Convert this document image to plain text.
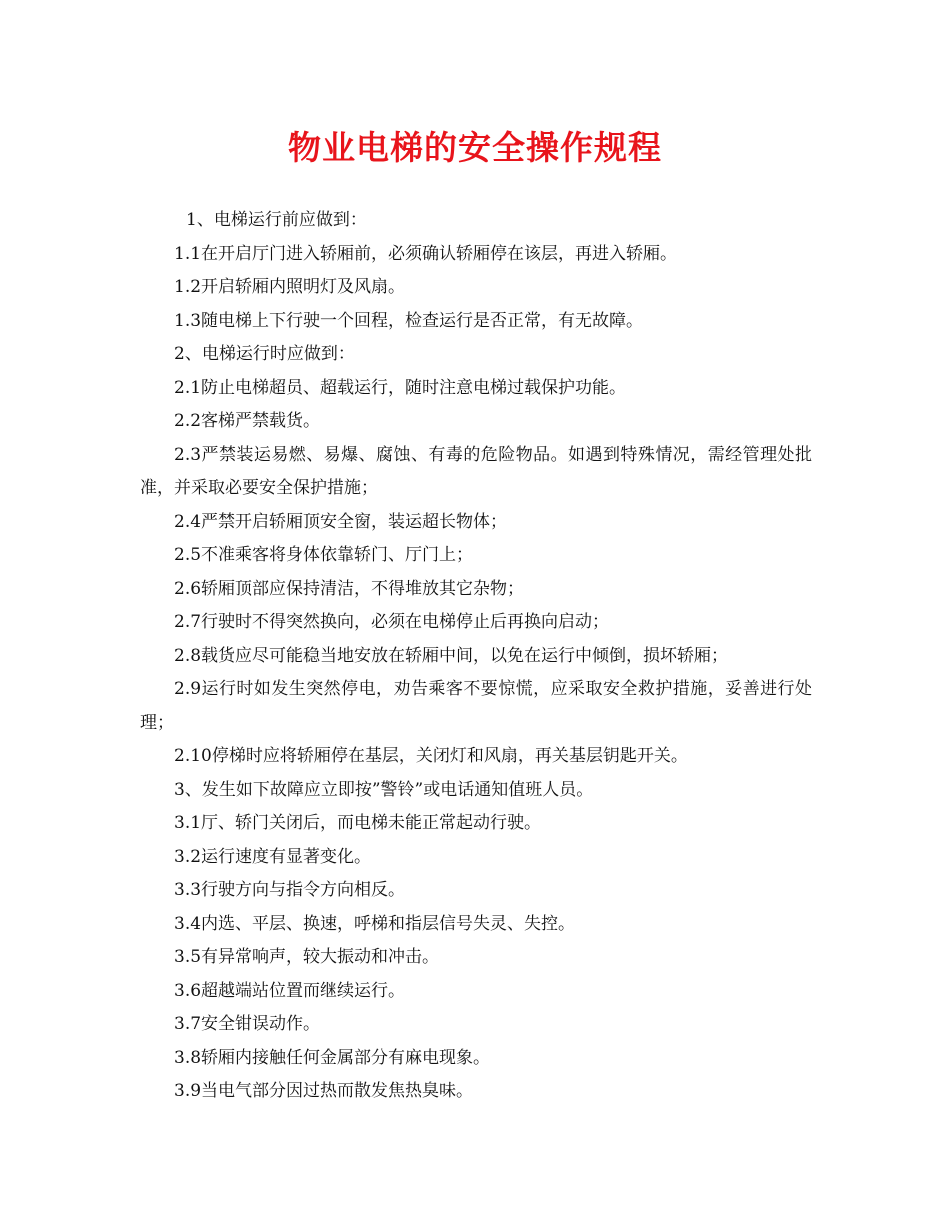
物业电梯的安全操作规程

1、电梯运行前应做到：

1.1在开启厅门进入轿厢前，必须确认轿厢停在该层，再进入轿厢。

1.2开启轿厢内照明灯及风扇。

1.3随电梯上下行驶一个回程，检查运行是否正常，有无故障。

2、电梯运行时应做到：

2.1防止电梯超员、超载运行，随时注意电梯过载保护功能。

2.2客梯严禁载货。

2.3严禁装运易燃、易爆、腐蚀、有毒的危险物品。如遇到特殊情况，需经管理处批准，并采取必要安全保护措施；

2.4严禁开启轿厢顶安全窗，装运超长物体；

2.5不准乘客将身体依靠轿门、厅门上；

2.6轿厢顶部应保持清洁，不得堆放其它杂物；

2.7行驶时不得突然换向，必须在电梯停止后再换向启动；

2.8载货应尽可能稳当地安放在轿厢中间，以免在运行中倾倒，损坏轿厢；

2.9运行时如发生突然停电，劝告乘客不要惊慌，应采取安全救护措施，妥善进行处理；

2.10停梯时应将轿厢停在基层，关闭灯和风扇，再关基层钥匙开关。

3、发生如下故障应立即按”警铃”或电话通知值班人员。

3.1厅、轿门关闭后，而电梯未能正常起动行驶。

3.2运行速度有显著变化。

3.3行驶方向与指令方向相反。

3.4内选、平层、换速，呼梯和指层信号失灵、失控。

3.5有异常响声，较大振动和冲击。

3.6超越端站位置而继续运行。

3.7安全钳误动作。

3.8轿厢内接触任何金属部分有麻电现象。

3.9当电气部分因过热而散发焦热臭味。
